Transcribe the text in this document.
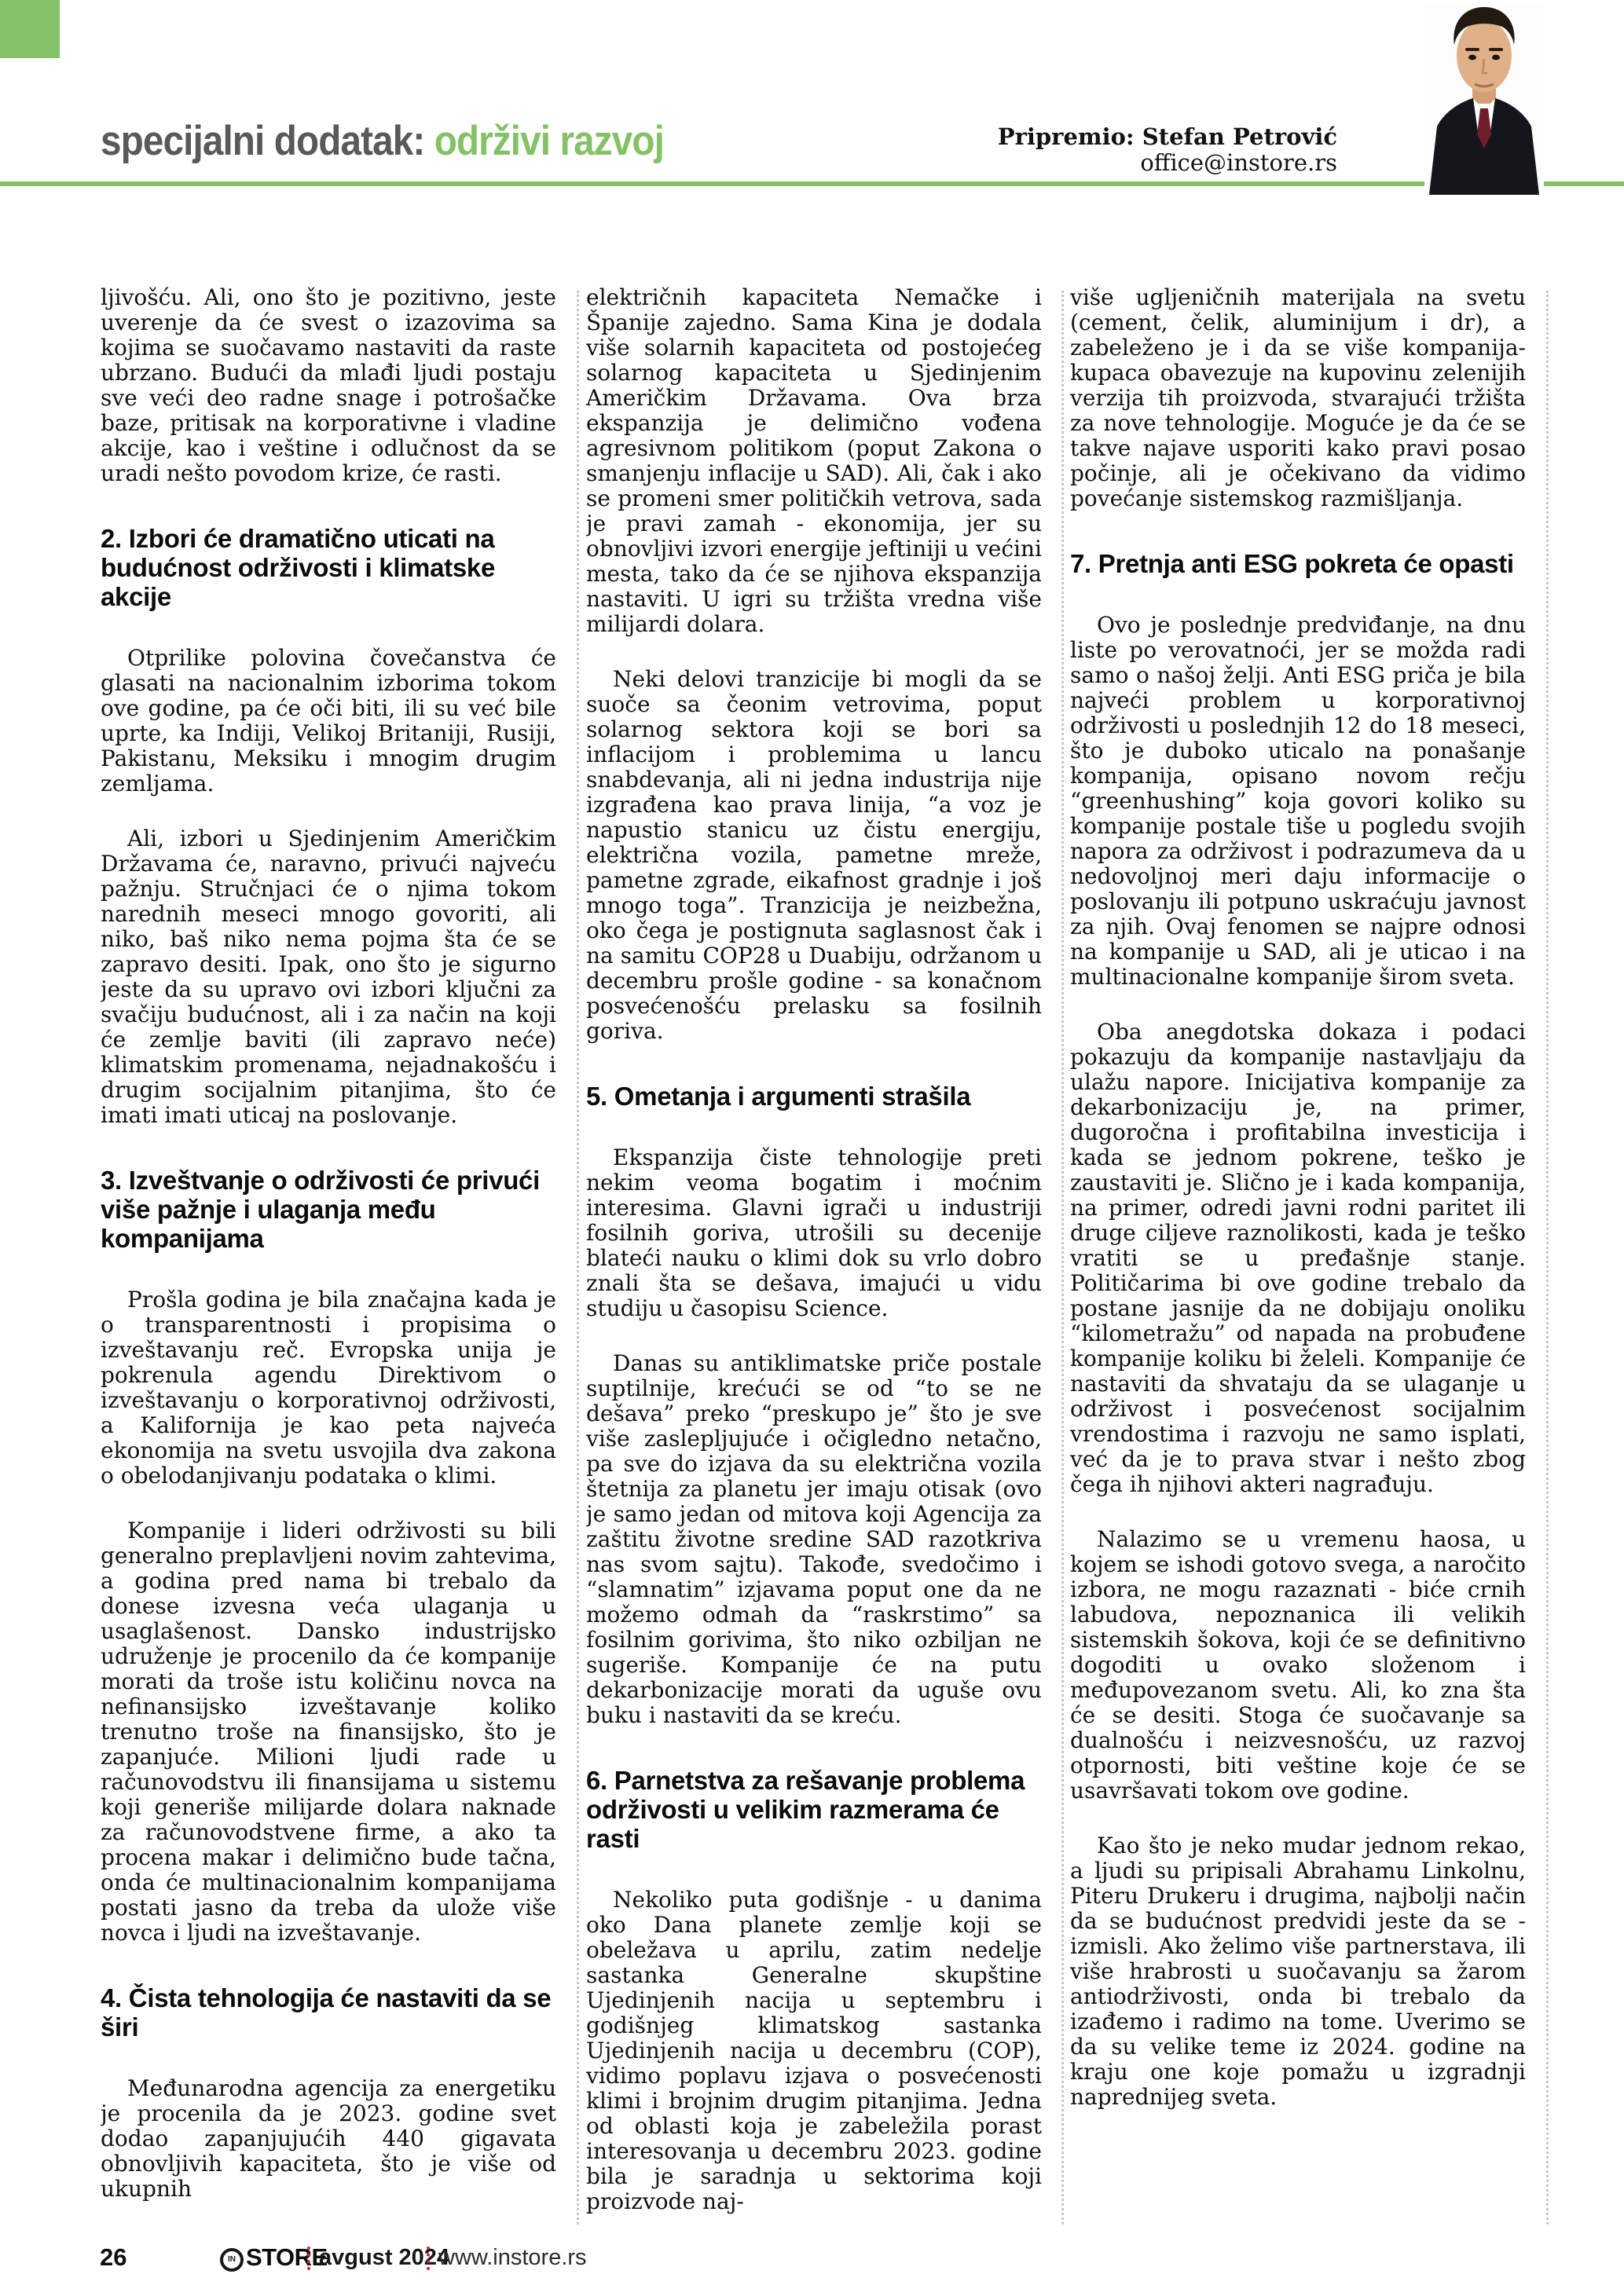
specijalni dodatak: održivi razvoj	Pripremio: Stefan Petrović
office@instore.rs
ljivošću. Ali, ono što je pozitivno, jeste uverenje da će svest o izazovima sa kojima se suočavamo nastaviti da raste ubrzano. Budući da mlađi ljudi postaju sve veći deo radne snage i potrošačke baze, pritisak na korporativne i vladine akcije, kao i veštine i odlučnost da se uradi nešto povodom krize, će rasti.
2. Izbori će dramatično uticati na budućnost održivosti i klimatske akcije
Otprilike polovina čovečanstva će glasati na nacionalnim izborima tokom ove godine, pa će oči biti, ili su već bile uprte, ka Indiji, Velikoj Britaniji, Rusiji, Pakistanu, Meksiku i mnogim drugim zemljama.
Ali, izbori u Sjedinjenim Američkim Državama će, naravno, privući najveću pažnju. Stručnjaci će o njima tokom narednih meseci mnogo govoriti, ali niko, baš niko nema pojma šta će se zapravo desiti. Ipak, ono što je sigurno jeste da su upravo ovi izbori ključni za svačiju budućnost, ali i za način na koji će zemlje baviti (ili zapravo neće) klimatskim promenama, nejadnakošću i drugim socijalnim pitanjima, što će imati imati uticaj na poslovanje.
3. Izveštvanje o održivosti će privući više pažnje i ulaganja među kompanijama
Prošla godina je bila značajna kada je o transparentnosti i propisima o izveštavanju reč. Evropska unija je pokrenula agendu Direktivom o izveštavanju o korporativnoj održivosti, a Kalifornija je kao peta najveća ekonomija na svetu usvojila dva zakona o obelodanjivanju podataka o klimi.
Kompanije i lideri održivosti su bili generalno preplavljeni novim zahtevima, a godina pred nama bi trebalo da donese izvesna veća ulaganja u usaglašenost. Dansko industrijsko udruženje je procenilo da će kompanije morati da troše istu količinu novca na nefinansijsko izveštavanje koliko trenutno troše na finansijsko, što je zapanjuće. Milioni ljudi rade u računovodstvu ili finansijama u sistemu koji generiše milijarde dolara naknade za računovodstvene firme, a ako ta procena makar i delimično bude tačna, onda će multinacionalnim kompanijama postati jasno da treba da ulože više novca i ljudi na izveštavanje.
4. Čista tehnologija će nastaviti da se širi
Međunarodna agencija za energetiku je procenila da je 2023. godine svet dodao zapanjujućih 440 gigavata obnovljivih kapaciteta, što je više od ukupnih
električnih kapaciteta Nemačke i Španije zajedno. Sama Kina je dodala više solarnih kapaciteta od postojećeg solarnog kapaciteta u Sjedinjenim Američkim Državama. Ova brza ekspanzija je delimično vođena agresivnom politikom (poput Zakona o smanjenju inflacije u SAD). Ali, čak i ako se promeni smer političkih vetrova, sada je pravi zamah - ekonomija, jer su obnovljivi izvori energije jeftiniji u većini mesta, tako da će se njihova ekspanzija nastaviti. U igri su tržišta vredna više milijardi dolara.
Neki delovi tranzicije bi mogli da se suoče sa čeonim vetrovima, poput solarnog sektora koji se bori sa inflacijom i problemima u lancu snabdevanja, ali ni jedna industrija nije izgrađena kao prava linija, “a voz je napustio stanicu uz čistu energiju, električna vozila, pametne mreže, pametne zgrade, eikafnost gradnje i još mnogo toga”. Tranzicija je neizbežna, oko čega je postignuta saglasnost čak i na samitu COP28 u Duabiju, održanom u decembru prošle godine - sa konačnom posvećenošću prelasku sa fosilnih goriva.
5. Ometanja i argumenti strašila
Ekspanzija čiste tehnologije preti nekim veoma bogatim i moćnim interesima. Glavni igrači u industriji fosilnih goriva, utrošili su decenije blateći nauku o klimi dok su vrlo dobro znali šta se dešava, imajući u vidu studiju u časopisu Science.
Danas su antiklimatske priče postale suptilnije, krećući se od “to se ne dešava” preko “preskupo je” što je sve više zaslepljujuće i očigledno netačno, pa sve do izjava da su električna vozila štetnija za planetu jer imaju otisak (ovo je samo jedan od mitova koji Agencija za zaštitu životne sredine SAD razotkriva nas svom sajtu). Takođe, svedočimo i “slamnatim” izjavama poput one da ne možemo odmah da “raskrstimo” sa fosilnim gorivima, što niko ozbiljan ne sugeriše. Kompanije će na putu dekarbonizacije morati da uguše ovu buku i nastaviti da se kreću.
6. Parnetstva za rešavanje problema održivosti u velikim razmerama će rasti
Nekoliko puta godišnje - u danima oko Dana planete zemlje koji se obeležava u aprilu, zatim nedelje sastanka Generalne skupštine Ujedinjenih nacija u septembru i godišnjeg klimatskog sastanka Ujedinjenih nacija u decembru (COP), vidimo poplavu izjava o posvećenosti klimi i brojnim drugim pitanjima. Jedna od oblasti koja je zabeležila porast interesovanja u decembru 2023. godine bila je saradnja u sektorima koji proizvode naj-
više ugljeničnih materijala na svetu (cement, čelik, aluminijum i dr), a zabeleženo je i da se više kompanija-kupaca obavezuje na kupovinu zelenijih verzija tih proizvoda, stvarajući tržišta za nove tehnologije. Moguće je da će se takve najave usporiti kako pravi posao počinje, ali je očekivano da vidimo povećanje sistemskog razmišljanja.
7. Pretnja anti ESG pokreta će opasti
Ovo je poslednje predviđanje, na dnu liste po verovatnoći, jer se možda radi samo o našoj želji. Anti ESG priča je bila najveći problem u korporativnoj održivosti u poslednjih 12 do 18 meseci, što je duboko uticalo na ponašanje kompanija, opisano novom rečju “greenhushing” koja govori koliko su kompanije postale tiše u pogledu svojih napora za održivost i podrazumeva da u nedovoljnoj meri daju informacije o poslovanju ili potpuno uskraćuju javnost za njih. Ovaj fenomen se najpre odnosi na kompanije u SAD, ali je uticao i na multinacionalne kompanije širom sveta.
Oba anegdotska dokaza i podaci pokazuju da kompanije nastavljaju da ulažu napore. Inicijativa kompanije za dekarbonizaciju je, na primer, dugoročna i profitabilna investicija i kada se jednom pokrene, teško je zaustaviti je. Slično je i kada kompanija, na primer, odredi javni rodni paritet ili druge ciljeve raznolikosti, kada je teško vratiti se u pređašnje stanje. Političarima bi ove godine trebalo da postane jasnije da ne dobijaju onoliku “kilometražu” od napada na probuđene kompanije koliku bi želeli. Kompanije će nastaviti da shvataju da se ulaganje u održivost i posvećenost socijalnim vrendostima i razvoju ne samo isplati, već da je to prava stvar i nešto zbog čega ih njihovi akteri nagrađuju.
Nalazimo se u vremenu haosa, u kojem se ishodi gotovo svega, a naročito izbora, ne mogu razaznati - biće crnih labudova, nepoznanica ili velikih sistemskih šokova, koji će se definitivno dogoditi u ovako složenom i međupovezanom svetu. Ali, ko zna šta će se desiti. Stoga će suočavanje sa dualnošću i neizvesnošću, uz razvoj otpornosti, biti veštine koje će se usavršavati tokom ove godine.
Kao što je neko mudar jednom rekao, a ljudi su pripisali Abrahamu Linkolnu, Piteru Drukeru i drugima, najbolji način da se budućnost predvidi jeste da se - izmisli. Ako želimo više partnerstava, ili više hrabrosti u suočavanju sa žarom antiodrživosti, onda bi trebalo da izađemo i radimo na tome. Uverimo se da su velike teme iz 2024. godine na kraju one koje pomažu u izgradnji naprednijeg sveta.
26	IN STORE
avgust 2024
www.instore.rs
